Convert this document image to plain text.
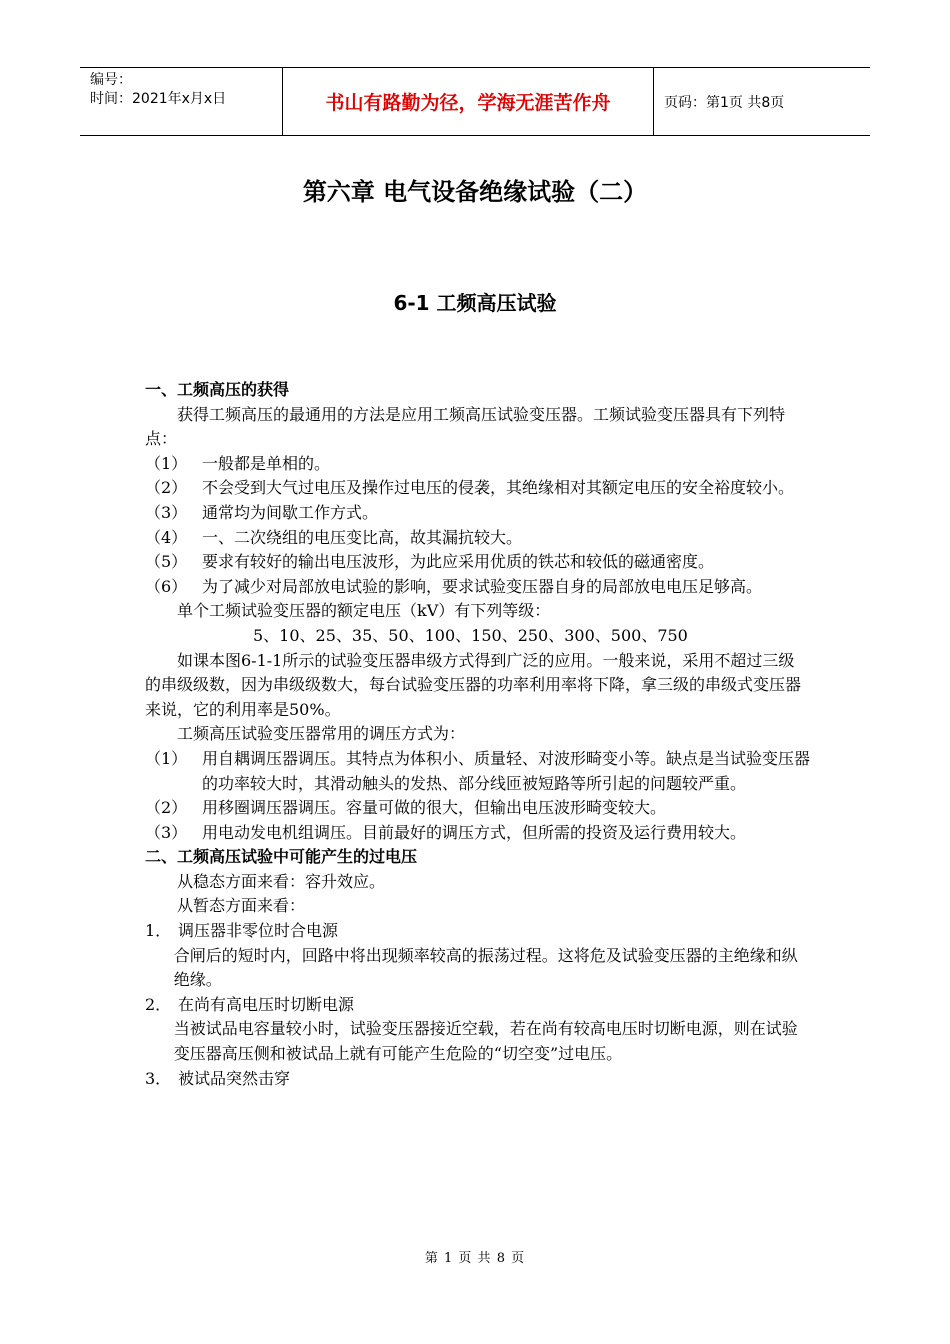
编号：
时间：2021年x月x日	书山有路勤为径，学海无涯苦作舟	页码：第1页 共8页
第六章 电气设备绝缘试验（二）
6-1 工频高压试验

一、工频高压的获得

获得工频高压的最通用的方法是应用工频高压试验变压器。工频试验变压器具有下列特点：

（1） 一般都是单相的。
（2） 不会受到大气过电压及操作过电压的侵袭，其绝缘相对其额定电压的安全裕度较小。
（3） 通常均为间歇工作方式。
（4） 一、二次绕组的电压变比高，故其漏抗较大。
（5） 要求有较好的输出电压波形，为此应采用优质的铁芯和较低的磁通密度。
（6） 为了减少对局部放电试验的影响，要求试验变压器自身的局部放电电压足够高。

单个工频试验变压器的额定电压（kV）有下列等级：

5、10、25、35、50、100、150、250、300、500、750

如课本图6-1-1所示的试验变压器串级方式得到广泛的应用。一般来说，采用不超过三级的串级级数，因为串级级数大，每台试验变压器的功率利用率将下降，拿三级的串级式变压器来说，它的利用率是50%。

工频高压试验变压器常用的调压方式为：

（1） 用自耦调压器调压。其特点为体积小、质量轻、对波形畸变小等。缺点是当试验变压器的功率较大时，其滑动触头的发热、部分线匝被短路等所引起的问题较严重。
（2） 用移圈调压器调压。容量可做的很大，但输出电压波形畸变较大。
（3） 用电动发电机组调压。目前最好的调压方式，但所需的投资及运行费用较大。

二、工频高压试验中可能产生的过电压

从稳态方面来看：容升效应。

从暂态方面来看：

1． 调压器非零位时合电源

合闸后的短时内，回路中将出现频率较高的振荡过程。这将危及试验变压器的主绝缘和纵绝缘。

2． 在尚有高电压时切断电源

当被试品电容量较小时，试验变压器接近空载，若在尚有较高电压时切断电源，则在试验变压器高压侧和被试品上就有可能产生危险的“切空变”过电压。

3． 被试品突然击穿
第 1 页 共 8 页
